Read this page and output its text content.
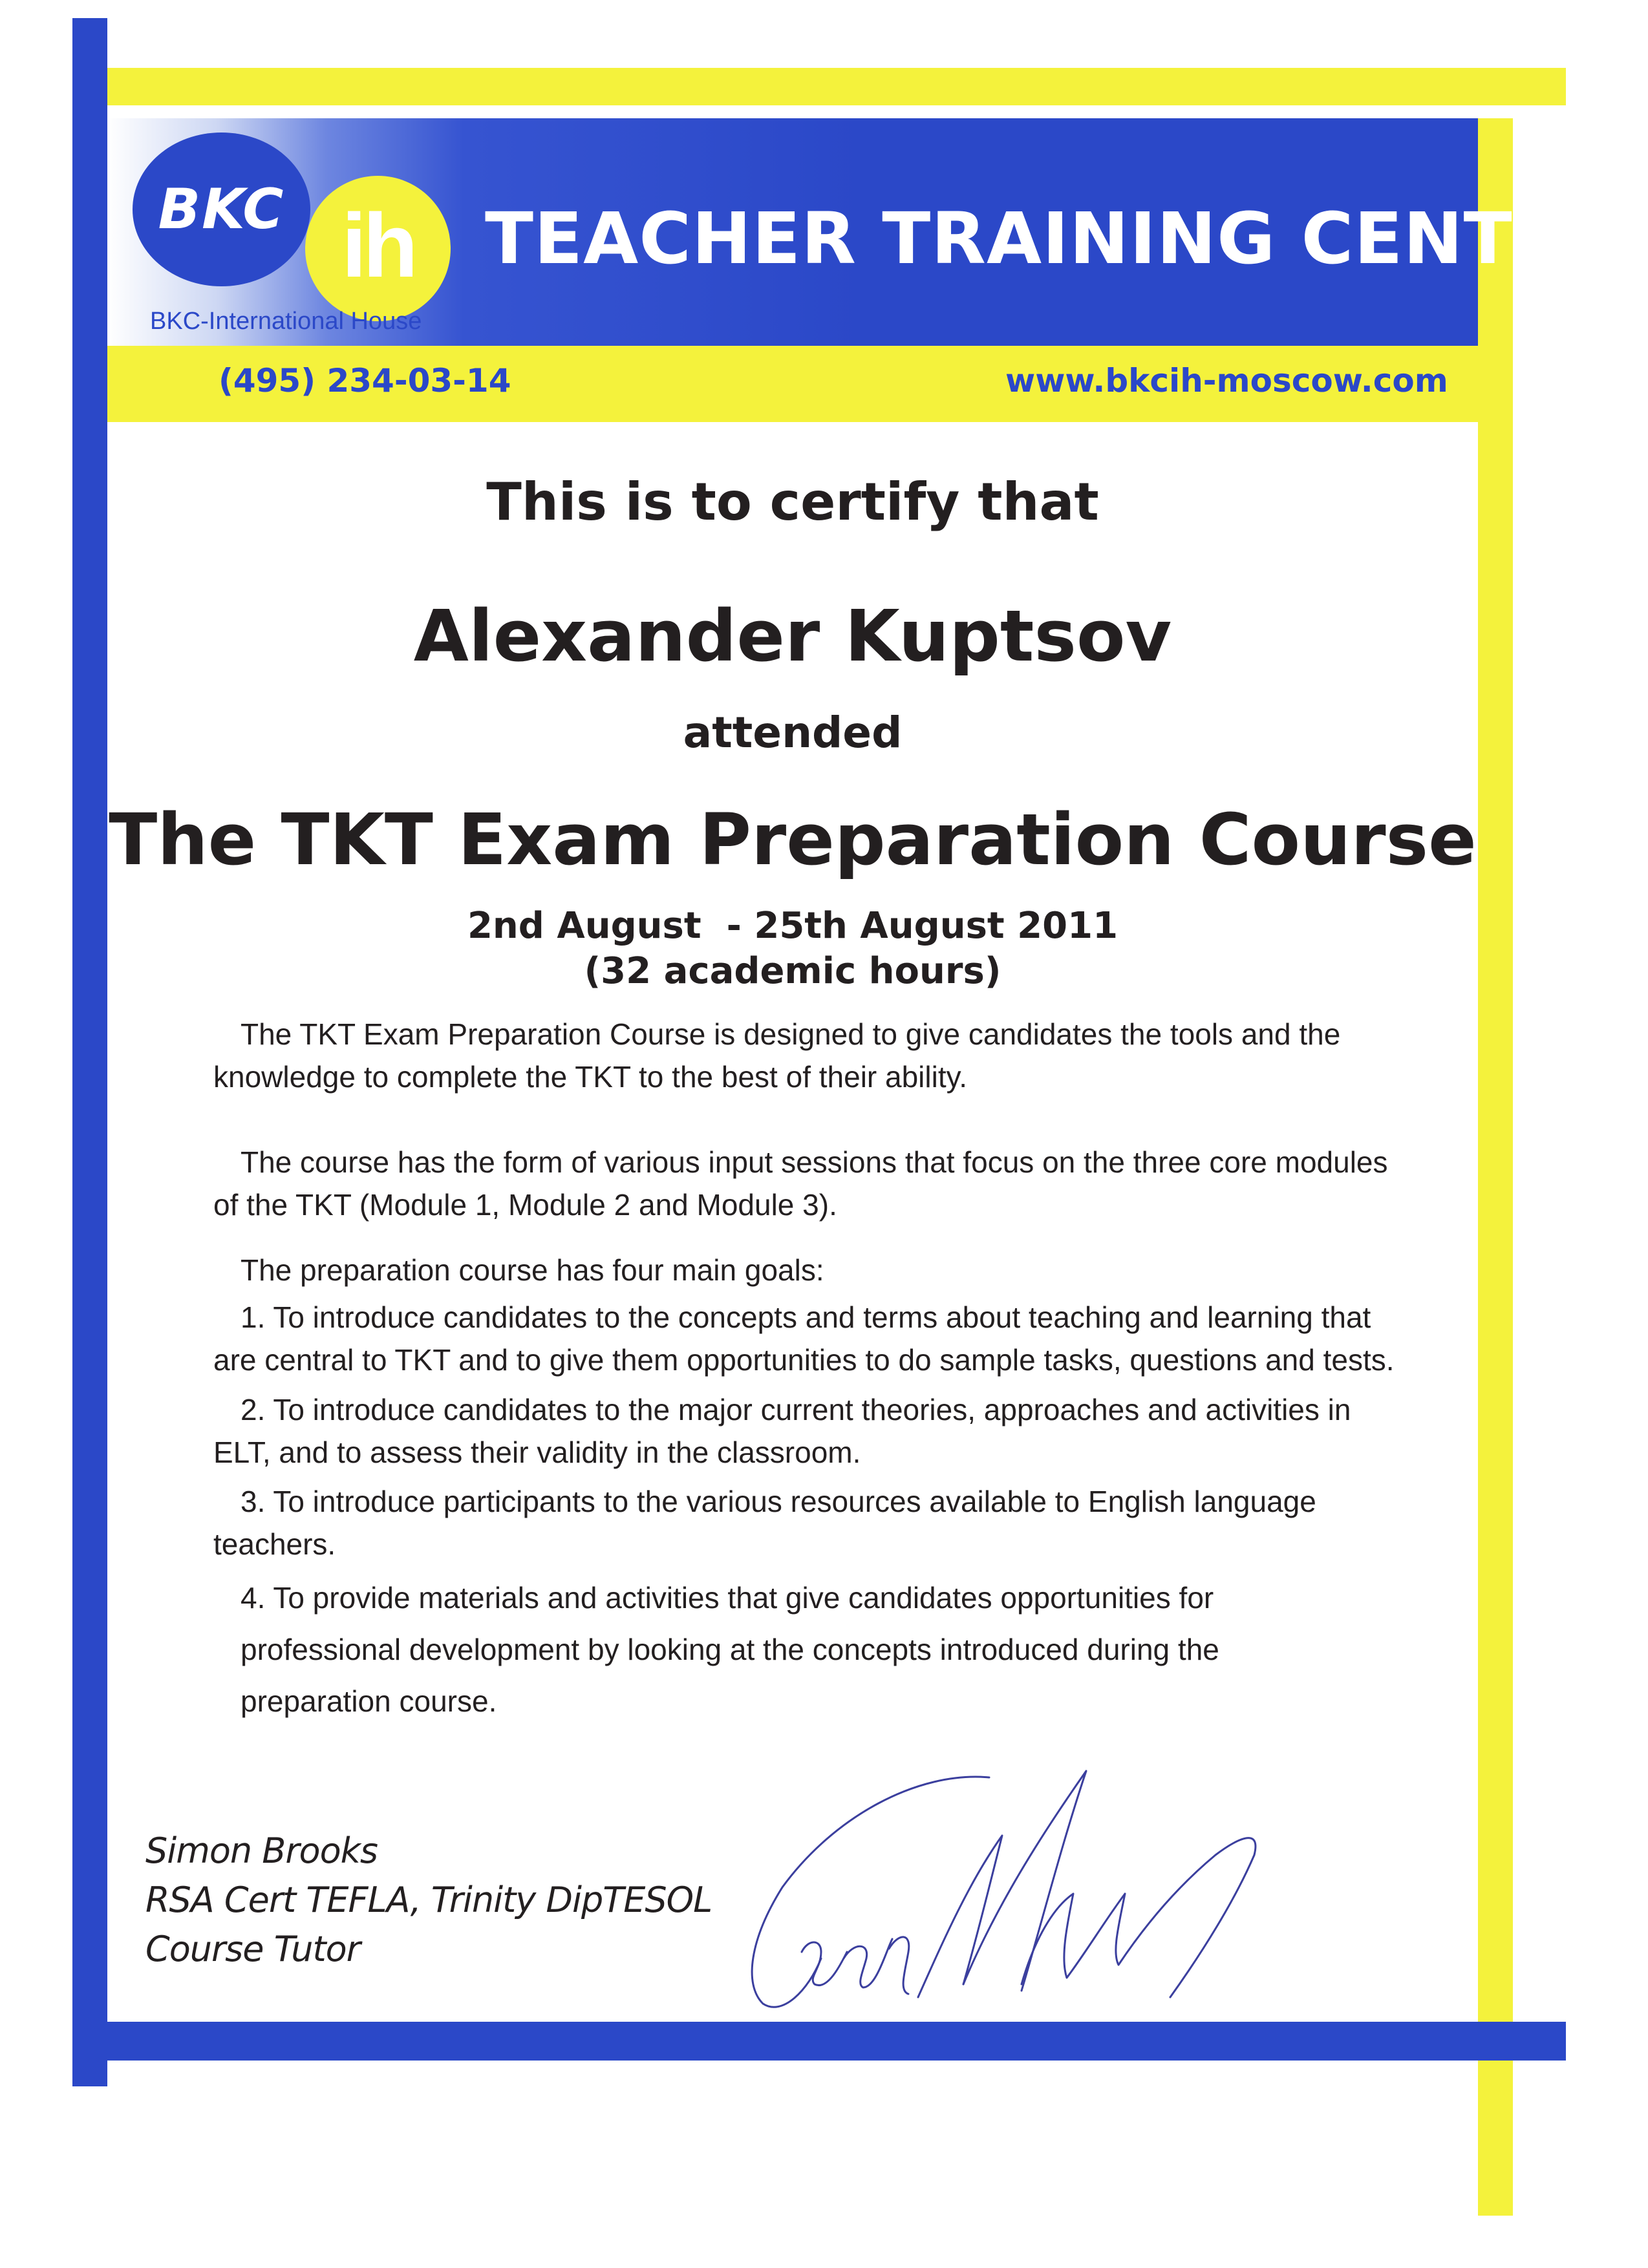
BKC ih
BKC-International House
TEACHER TRAINING CENTRE
(495) 234-03-14	www.bkcih-moscow.com
This is to certify that
Alexander Kuptsov
attended
The TKT Exam Preparation Course
2nd August  - 25th August 2011
(32 academic hours)
The TKT Exam Preparation Course is designed to give candidates the tools and the
knowledge to complete the TKT to the best of their ability.
The course has the form of various input sessions that focus on the three core modules
of the TKT (Module 1, Module 2 and Module 3).
The preparation course has four main goals:
1. To introduce candidates to the concepts and terms about teaching and learning that
are central to TKT and to give them opportunities to do sample tasks, questions and tests.
2. To introduce candidates to the major current theories, approaches and activities in
ELT, and to assess their validity in the classroom.
3. To introduce participants to the various resources available to English language
teachers.
4. To provide materials and activities that give candidates opportunities for
professional development by looking at the concepts introduced during the
preparation course.
Simon Brooks
RSA Cert TEFLA, Trinity DipTESOL
Course Tutor
